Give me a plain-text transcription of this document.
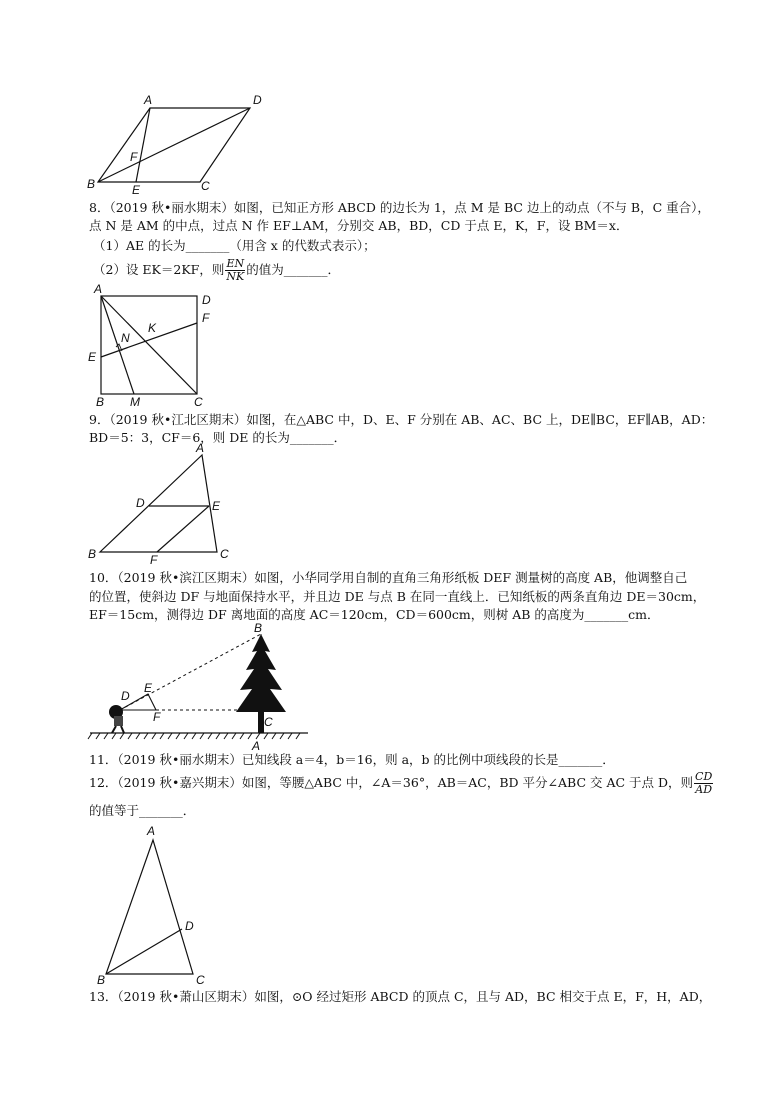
A	D
F
B	E	C
8．（2019 秋•丽水期末）如图，已知正方形 ABCD 的边长为 1，点 M 是 BC 边上的动点（不与 B，C 重合），
点 N 是 AM 的中点，过点 N 作 EF⊥AM，分别交 AB，BD，CD 于点 E，K，F，设 BM＝x．
（1）AE 的长为_______（用含 x 的代数式表示）；
（2）设 EK＝2KF，则 $\frac{EN}{NK}$ 的值为_______．
A
D
F
K
N
E
B M	C
9．（2019 秋•江北区期末）如图，在△ABC 中，D、E、F 分别在 AB、AC、BC 上，DE∥BC，EF∥AB，AD：
BD＝5：3，CF＝6，则 DE 的长为_______．
A
D	E
B	F	C
10．（2019 秋•滨江区期末）如图，小华同学用自制的直角三角形纸板 DEF 测量树的高度 AB，他调整自己
的位置，使斜边 DF 与地面保持水平，并且边 DE 与点 B 在同一直线上．已知纸板的两条直角边 DE＝30cm，
EF＝15cm，测得边 DF 离地面的高度 AC＝120cm，CD＝600cm，则树 AB 的高度为_______cm．
B
D
E
F	C
A
11．（2019 秋•丽水期末）已知线段 a＝4，b＝16，则 a，b 的比例中项线段的长是_______．
12．（2019 秋•嘉兴期末）如图，等腰△ABC 中，∠A＝36°，AB＝AC，BD 平分∠ABC 交 AC 于点 D，则 $\frac{CD}{AD}$
的值等于_______．
A
D
B	C
13．（2019 秋•萧山区期末）如图，⊙O 经过矩形 ABCD 的顶点 C，且与 AD，BC 相交于点 E，F，H，AD，
